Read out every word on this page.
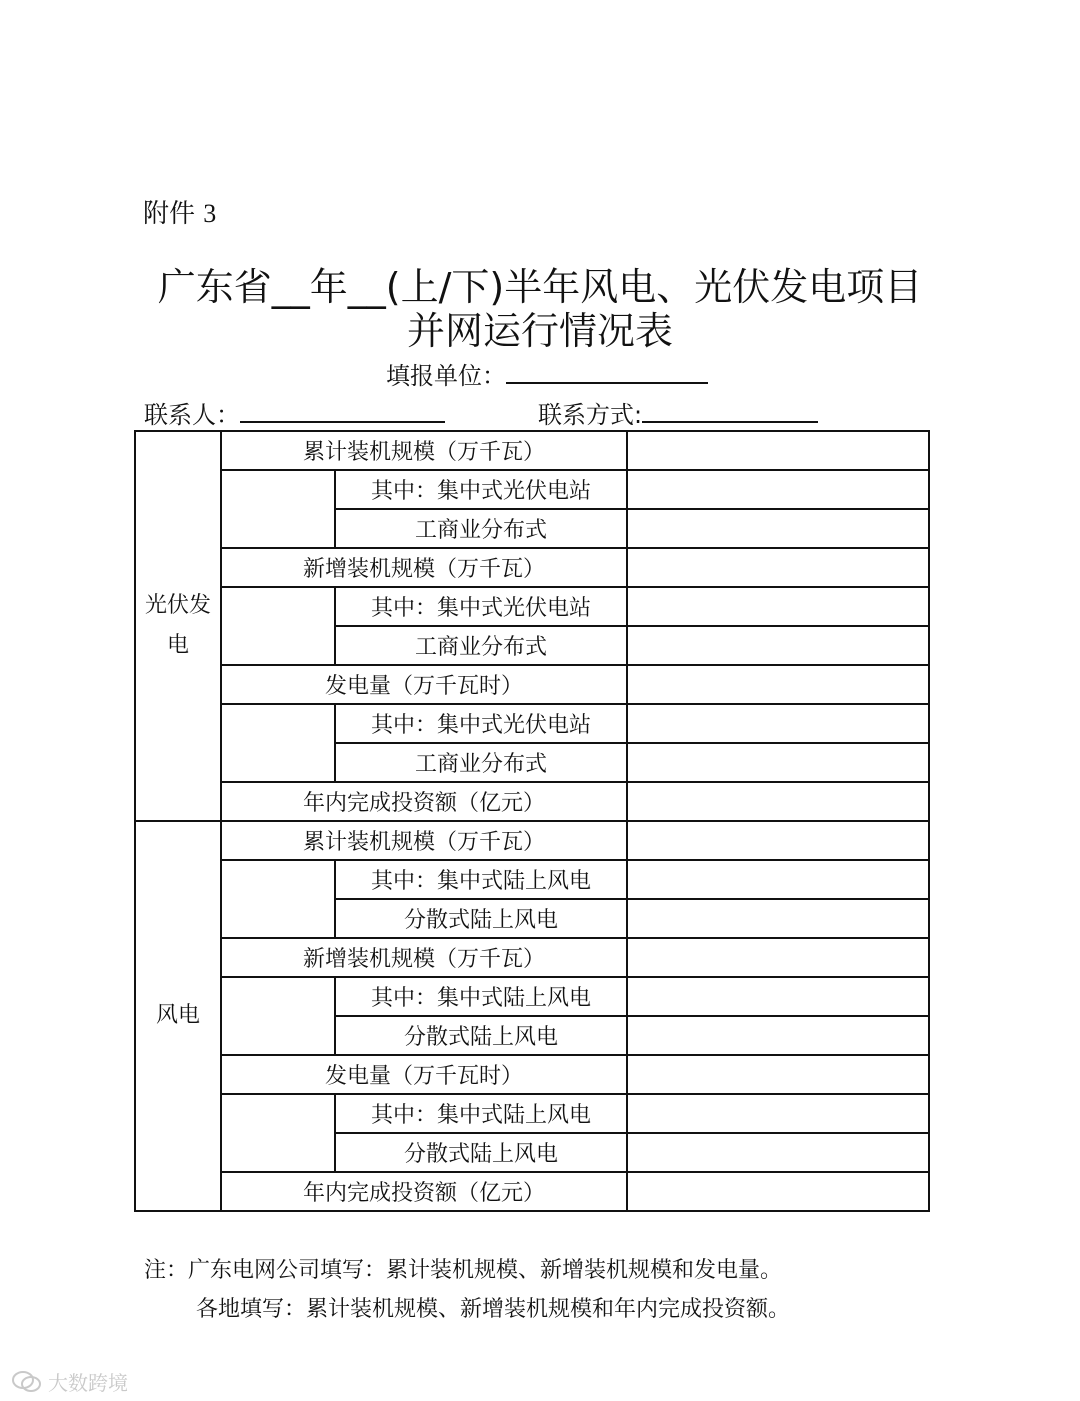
附件 3
广东省__年__(上/下)半年风电、光伏发电项目
并网运行情况表
填报单位：
联系人：	联系方式:
光伏发电	累计装机规模（万千瓦）		
		其中：集中式光伏电站	
		工商业分布式	
	新增装机规模（万千瓦）		
		其中：集中式光伏电站	
		工商业分布式	
	发电量（万千瓦时）		
		其中：集中式光伏电站	
		工商业分布式	
	年内完成投资额（亿元）		
风电	累计装机规模（万千瓦）		
		其中：集中式陆上风电	
		分散式陆上风电	
	新增装机规模（万千瓦）		
		其中：集中式陆上风电	
		分散式陆上风电	
	发电量（万千瓦时）		
		其中：集中式陆上风电	
		分散式陆上风电	
	年内完成投资额（亿元）		
注：广东电网公司填写：累计装机规模、新增装机规模和发电量。
各地填写：累计装机规模、新增装机规模和年内完成投资额。
大数跨境
